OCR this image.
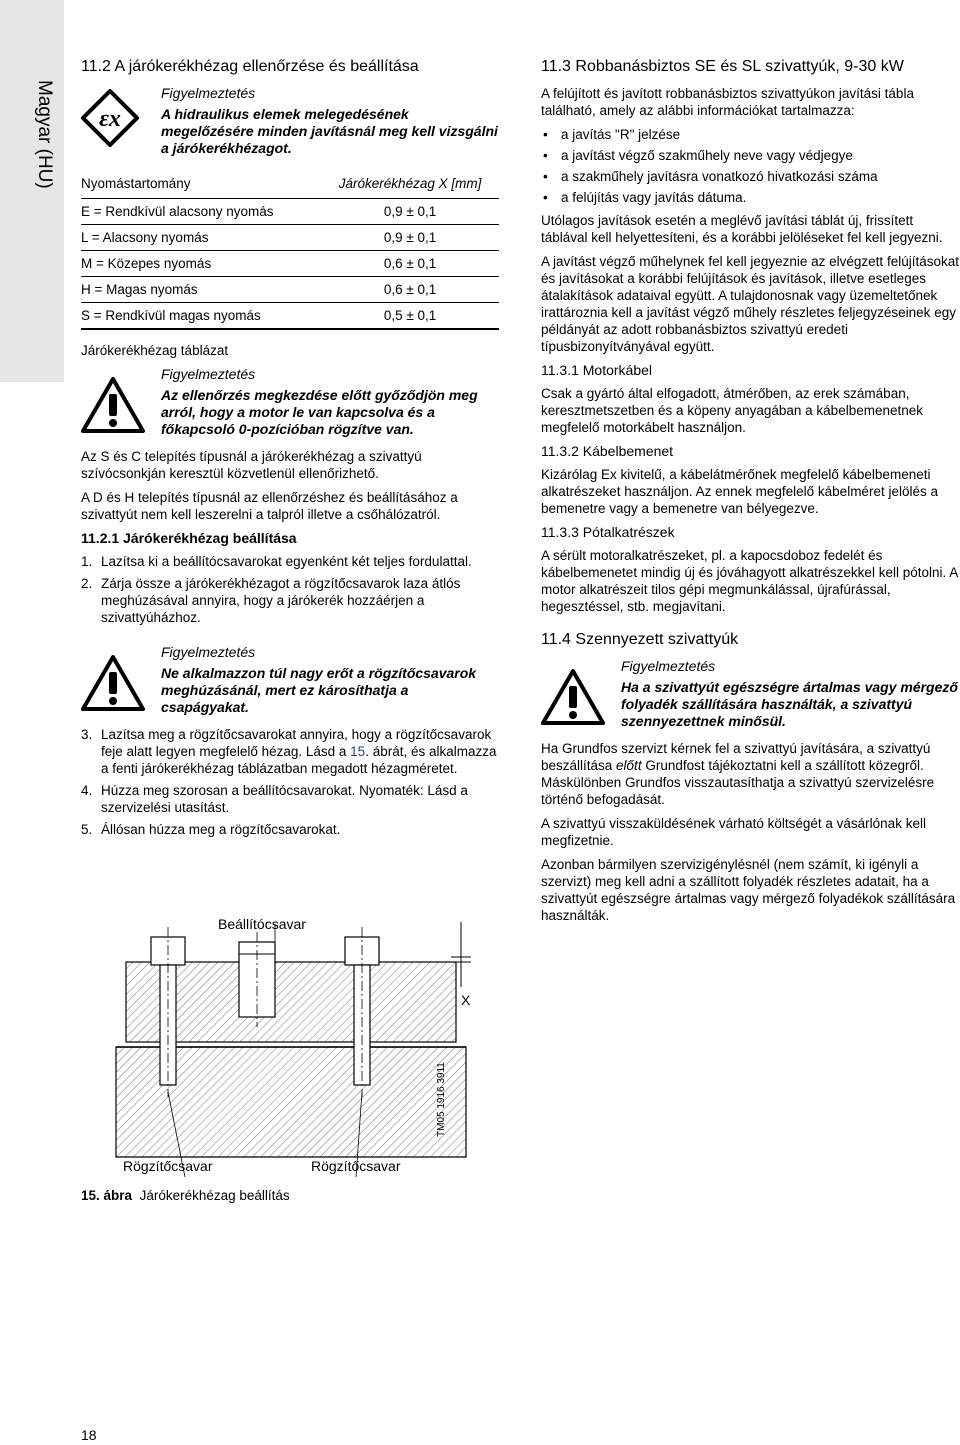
Magyar (HU)
11.2 A járókerékhézag ellenőrzése és beállítása
εx
Figyelmeztetés
A hidraulikus elemek melegedésének megelőzésére minden javításnál meg kell vizsgálni a járókerékhézagot.
Nyomástartomány	Járókerékhézag X [mm]
E = Rendkívül alacsony nyomás	0,9 ± 0,1
L = Alacsony nyomás	0,9 ± 0,1
M = Közepes nyomás	0,6 ± 0,1
H = Magas nyomás	0,6 ± 0,1
S = Rendkívül magas nyomás	0,5 ± 0,1

Járókerékhézag táblázat

Figyelmeztetés
Az ellenőrzés megkezdése előtt győződjön meg arról, hogy a motor le van kapcsolva és a főkapcsoló 0-pozícióban rögzítve van.

Az S és C telepítés típusnál a járókerékhézag a szivattyú szívócsonkján keresztül közvetlenül ellenőrizhető.

A D és H telepítés típusnál az ellenőrzéshez és beállításához a szivattyút nem kell leszerelni a talpról illetve a csőhálózatról.

11.2.1 Járókerékhézag beállítása
1. Lazítsa ki a beállítócsavarokat egyenként két teljes fordulattal.
2. Zárja össze a járókerékhézagot a rögzítőcsavarok laza átlós meghúzásával annyira, hogy a járókerék hozzáérjen a szivattyúházhoz.
Figyelmeztetés
Ne alkalmazzon túl nagy erőt a rögzítőcsavarok meghúzásánál, mert ez károsíthatja a csapágyakat.
3. Lazítsa meg a rögzítőcsavarokat annyira, hogy a rögzítőcsavarok feje alatt legyen megfelelő hézag. Lásd a 15. ábrát, és alkalmazza a fenti járókerékhézag táblázatban megadott hézagméretet.
4. Húzza meg szorosan a beállítócsavarokat. Nyomaték: Lásd a szervizelési utasítást.
5. Állósan húzza meg a rögzítőcsavarokat.
Beállítócsavar
X
Rögzítőcsavar	Rögzítőcsavar
TM05 1916 3911
15. ábra Járókerékhézag beállítás
11.3 Robbanásbiztos SE és SL szivattyúk, 9-30 kW

A felújított és javított robbanásbiztos szivattyúkon javítási tábla található, amely az alábbi információkat tartalmazza:

• a javítás "R" jelzése
• a javítást végző szakműhely neve vagy védjegye
• a szakműhely javításra vonatkozó hivatkozási száma
• a felújítás vagy javítás dátuma.

Utólagos javítások esetén a meglévő javítási táblát új, frissített táblával kell helyettesíteni, és a korábbi jelöléseket fel kell jegyezni.

A javítást végző műhelynek fel kell jegyeznie az elvégzett felújításokat és javításokat a korábbi felújítások és javítások, illetve esetleges átalakítások adataival együtt. A tulajdonosnak vagy üzemeltetőnek irattároznia kell a javítást végző műhely részletes feljegyzéseinek egy példányát az adott robbanásbiztos szivattyú eredeti típusbizonyítványával együtt.

11.3.1 Motorkábel

Csak a gyártó által elfogadott, átmérőben, az erek számában, keresztmetszetben és a köpeny anyagában a kábelbemenetnek megfelelő motorkábelt használjon.

11.3.2 Kábelbemenet

Kizárólag Ex kivitelű, a kábelátmérőnek megfelelő kábelbemeneti alkatrészeket használjon. Az ennek megfelelő kábelméret jelölés a bemenetre vagy a bemenetre van bélyegezve.

11.3.3 Pótalkatrészek

A sérült motoralkatrészeket, pl. a kapocsdoboz fedelét és kábelbemenetet mindig új és jóváhagyott alkatrészekkel kell pótolni. A motor alkatrészeit tilos gépi megmunkálással, újrafúrással, hegesztéssel, stb. megjavítani.

11.4 Szennyezett szivattyúk
Figyelmeztetés
Ha a szivattyút egészségre ártalmas vagy mérgező folyadék szállítására használták, a szivattyú szennyezettnek minősül.

Ha Grundfos szervizt kérnek fel a szivattyú javítására, a szivattyú beszállítása előtt Grundfost tájékoztatni kell a szállított közegről. Máskülönben Grundfos visszautasíthatja a szivattyú szervizelésre történő befogadását.

A szivattyú visszaküldésének várható költségét a vásárlónak kell megfizetnie.

Azonban bármilyen szervizigénylésnél (nem számít, ki igényli a szervizt) meg kell adni a szállított folyadék részletes adatait, ha a szivattyút egészségre ártalmas vagy mérgező folyadékok szállítására használták.

18
